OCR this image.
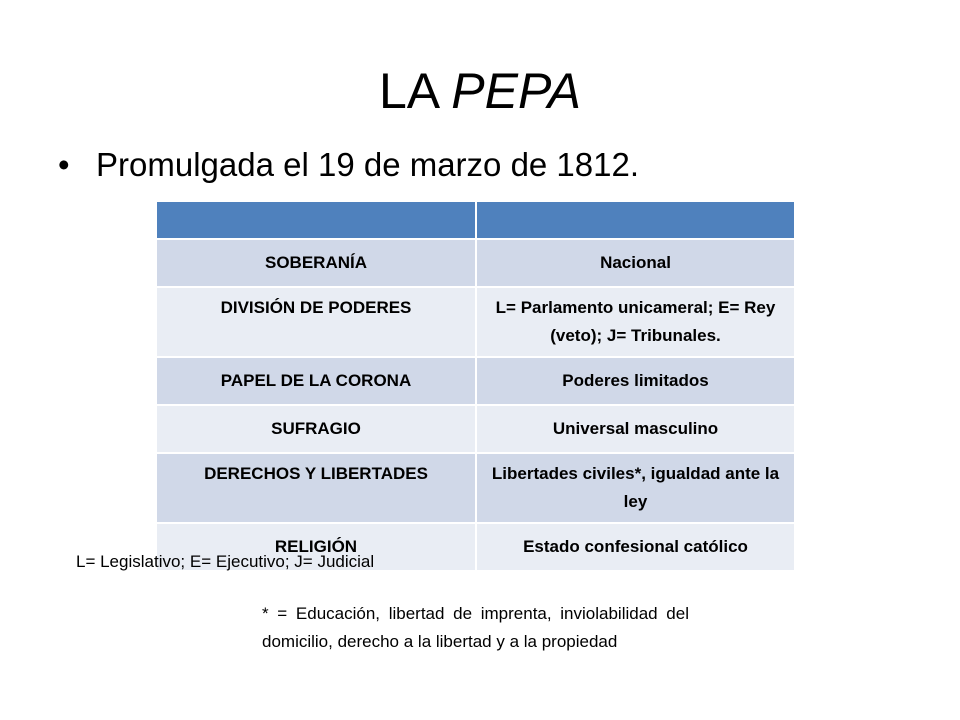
LA PEPA
• Promulgada el 19 de marzo de 1812.

SOBERANÍA	Nacional
DIVISIÓN DE PODERES	L= Parlamento unicameral; E= Rey (veto); J= Tribunales.
PAPEL DE LA CORONA	Poderes limitados
SUFRAGIO	Universal masculino
DERECHOS Y LIBERTADES	Libertades civiles*, igualdad ante la ley
RELIGIÓN	Estado confesional católico
L= Legislativo; E= Ejecutivo; J= Judicial
* = Educación, libertad de imprenta, inviolabilidad del domicilio, derecho a la libertad y a la propiedad
